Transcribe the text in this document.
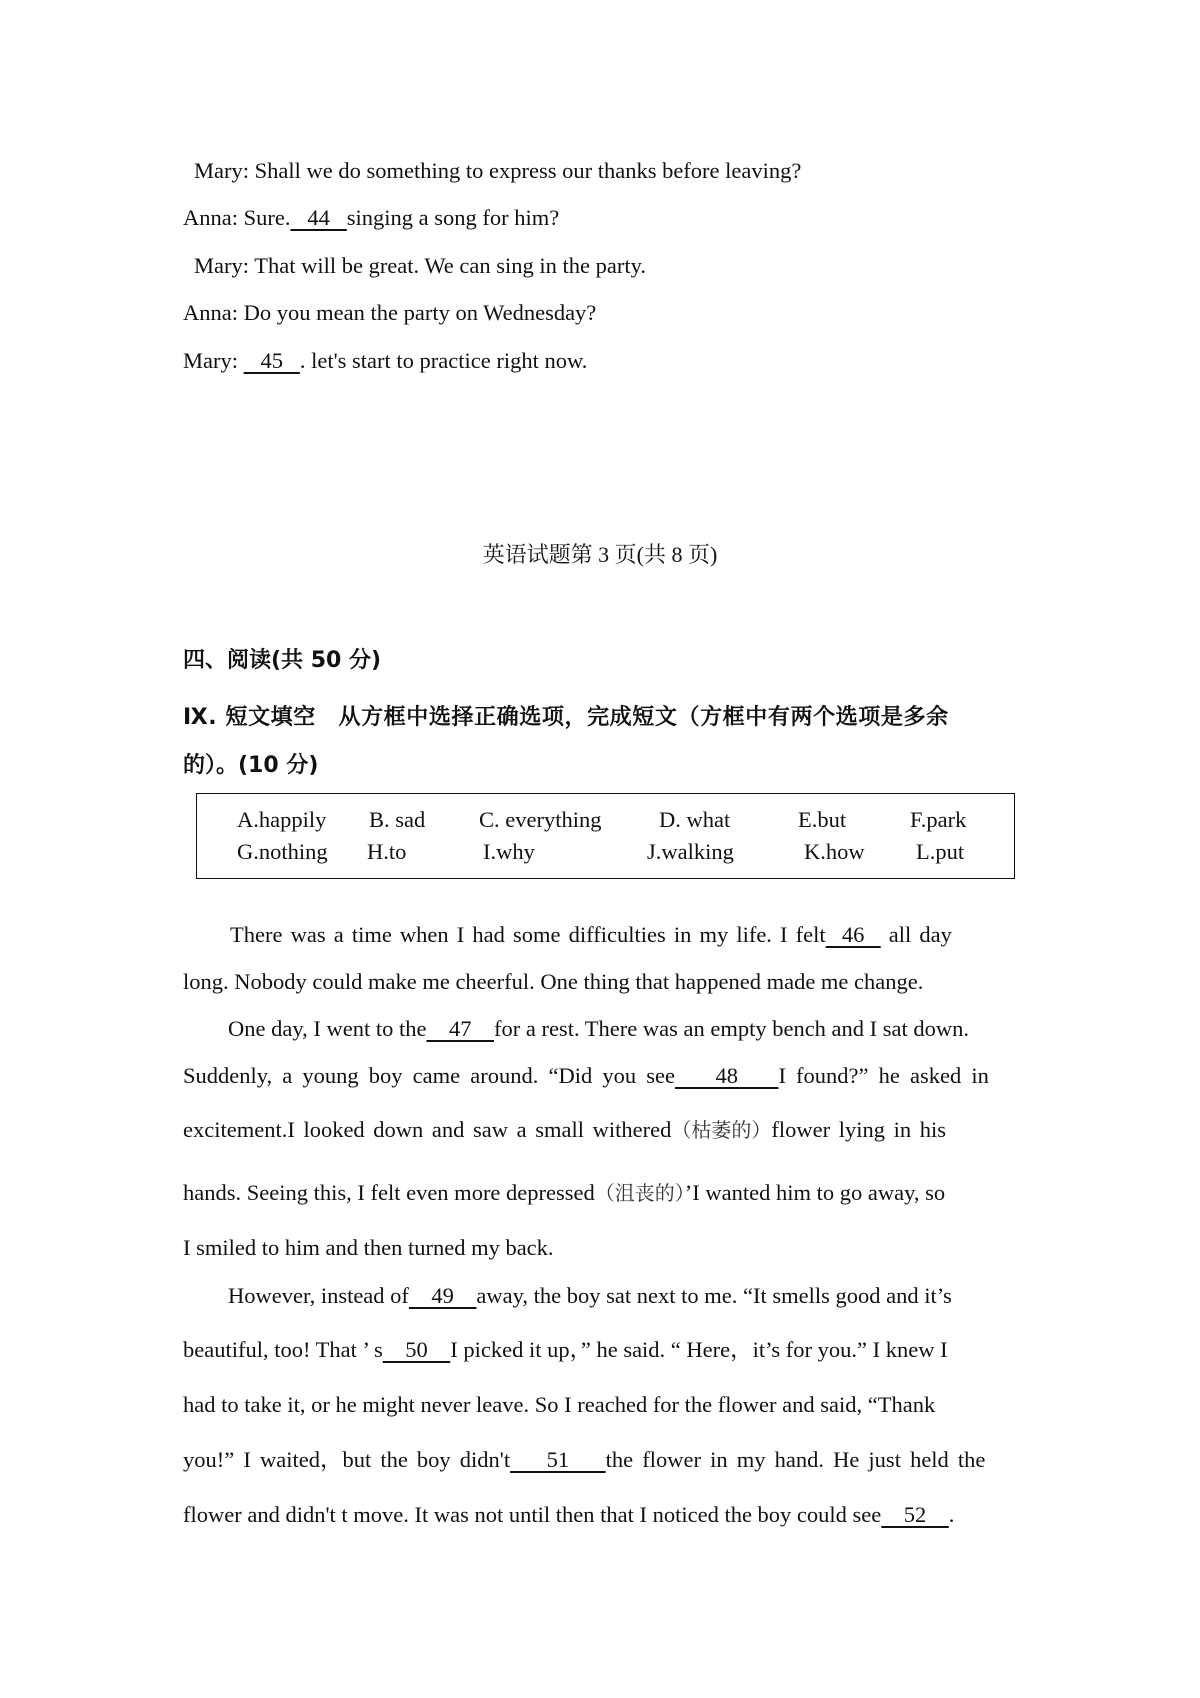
Mary: Shall we do something to express our thanks before leaving?
Anna: Sure.   44   singing a song for him?
Mary: That will be great. We can sing in the party.
Anna: Do you mean the party on Wednesday?
Mary:    45   . let's start to practice right now.
英语试题第 3 页(共 8 页)
四、阅读(共 50 分)
Ⅸ. 短文填空　从方框中选择正确选项，完成短文（方框中有两个选项是多余
的）。(10 分)
A.happily B. sad C. everything	D. what	E.but	F.park
G.nothing H.to	I.why	J.walking	K.how L.put
There was a time when I had some difficulties in my life. I felt  46   all day
long. Nobody could make me cheerful. One thing that happened made me change.
One day, I went to the    47    for a rest. There was an empty bench and I sat down.
Suddenly, a young boy came around. “Did you see    48    I found?” he asked in
excitement.I looked down and saw a small withered（枯萎的）flower lying in his
hands. Seeing this, I felt even more depressed（沮丧的）’I wanted him to go away, so
I smiled to him and then turned my back.
However, instead of    49    away, the boy sat next to me. “It smells good and it’s
beautiful, too! That ’ s    50    I picked it up，” he said. “ Here，it’s for you.” I knew I
had to take it, or he might never leave. So I reached for the flower and said, “Thank
you!” I waited，but the boy didn't    51    the flower in my hand. He just held the
flower and didn't t move. It was not until then that I noticed the boy could see    52    .
